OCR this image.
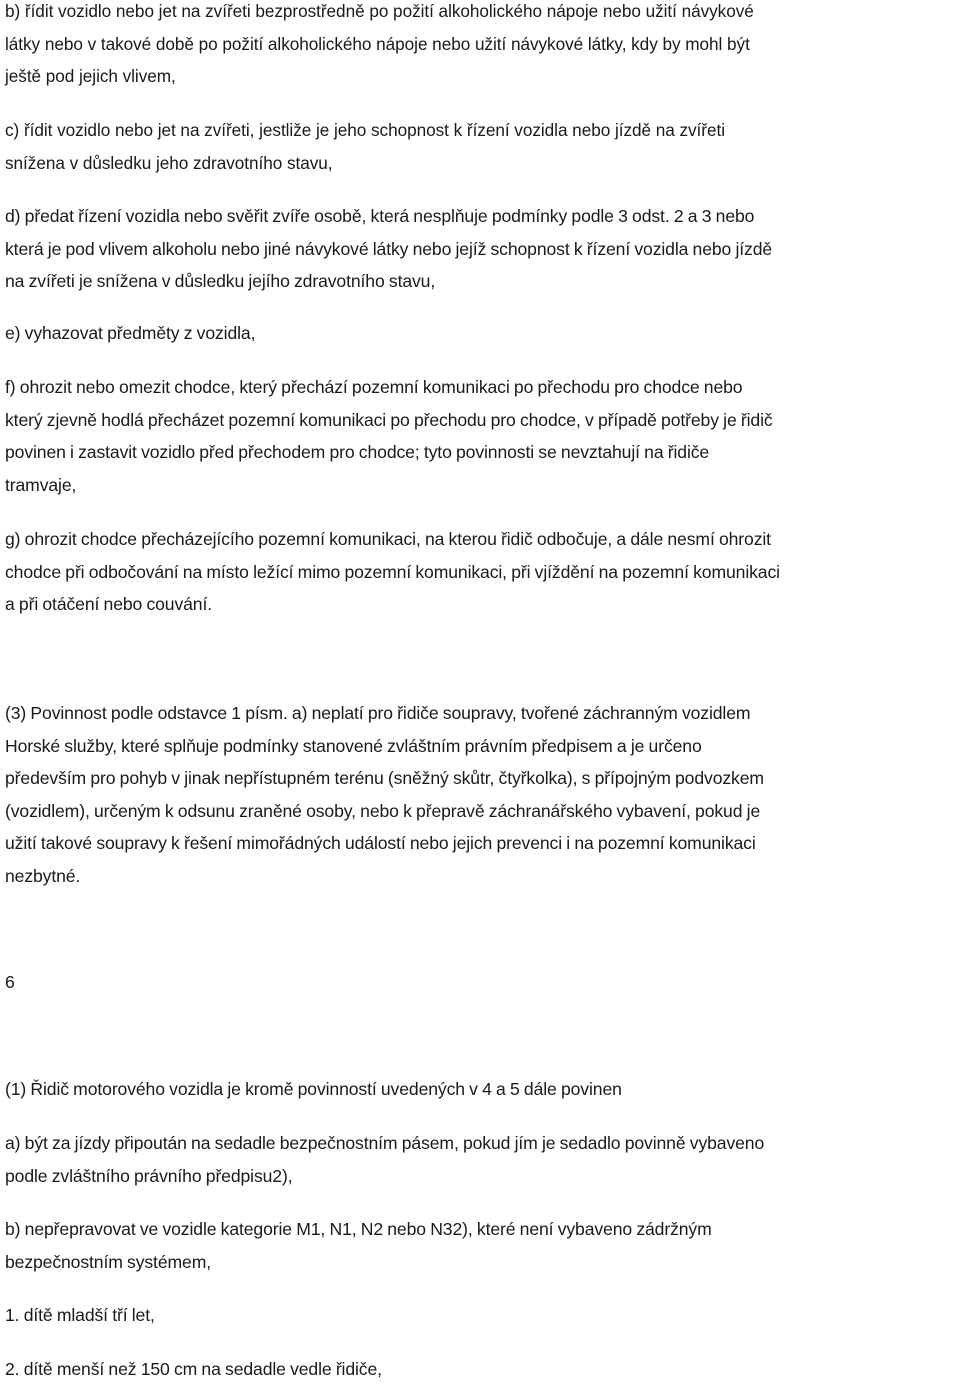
b) řídit vozidlo nebo jet na zvířeti bezprostředně po požití alkoholického nápoje nebo užití návykové
látky nebo v takové době po požití alkoholického nápoje nebo užití návykové látky, kdy by mohl být
ještě pod jejich vlivem,

c) řídit vozidlo nebo jet na zvířeti, jestliže je jeho schopnost k řízení vozidla nebo jízdě na zvířeti
snížena v důsledku jeho zdravotního stavu,

d) předat řízení vozidla nebo svěřit zvíře osobě, která nesplňuje podmínky podle 3 odst. 2 a 3 nebo
která je pod vlivem alkoholu nebo jiné návykové látky nebo jejíž schopnost k řízení vozidla nebo jízdě
na zvířeti je snížena v důsledku jejího zdravotního stavu,

e) vyhazovat předměty z vozidla,

f) ohrozit nebo omezit chodce, který přechází pozemní komunikaci po přechodu pro chodce nebo
který zjevně hodlá přecházet pozemní komunikaci po přechodu pro chodce, v případě potřeby je řidič
povinen i zastavit vozidlo před přechodem pro chodce; tyto povinnosti se nevztahují na řidiče
tramvaje,

g) ohrozit chodce přecházejícího pozemní komunikaci, na kterou řidič odbočuje, a dále nesmí ohrozit
chodce při odbočování na místo ležící mimo pozemní komunikaci, při vjíždění na pozemní komunikaci
a při otáčení nebo couvání.

(3) Povinnost podle odstavce 1 písm. a) neplatí pro řidiče soupravy, tvořené záchranným vozidlem
Horské služby, které splňuje podmínky stanovené zvláštním právním předpisem a je určeno
především pro pohyb v jinak nepřístupném terénu (sněžný skůtr, čtyřkolka), s přípojným podvozkem
(vozidlem), určeným k odsunu zraněné osoby, nebo k přepravě záchranářského vybavení, pokud je
užití takové soupravy k řešení mimořádných událostí nebo jejich prevenci i na pozemní komunikaci
nezbytné.

6

(1) Řidič motorového vozidla je kromě povinností uvedených v 4 a 5 dále povinen

a) být za jízdy připoután na sedadle bezpečnostním pásem, pokud jím je sedadlo povinně vybaveno
podle zvláštního právního předpisu2),

b) nepřepravovat ve vozidle kategorie M1, N1, N2 nebo N32), které není vybaveno zádržným
bezpečnostním systémem,

1. dítě mladší tří let,

2. dítě menší než 150 cm na sedadle vedle řidiče,
